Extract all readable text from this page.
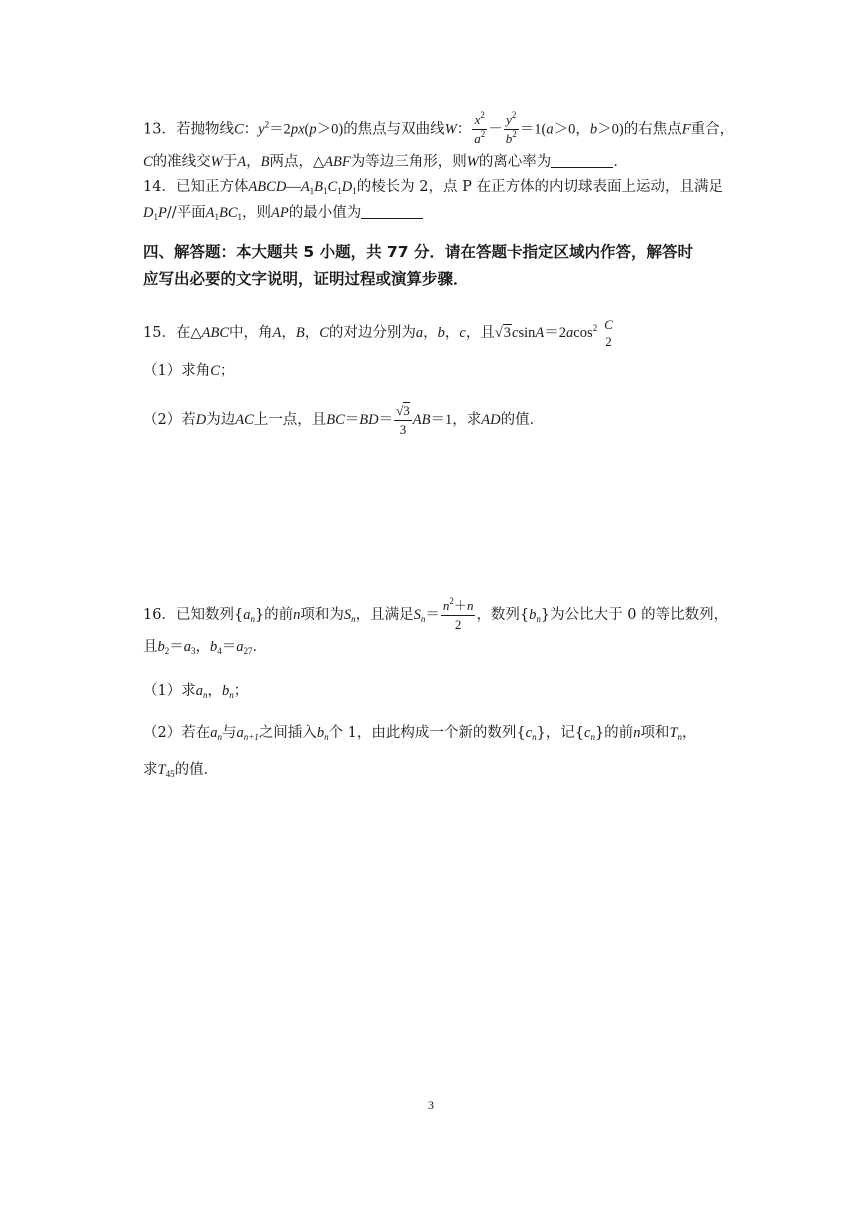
13．若抛物线C：$y^2=2px(p>0)$的焦点与双曲线W： $\frac{x^2}{a^2} - \frac{y^2}{b^2} =1(a>0$，b＞0)的右焦点F重合，
C的准线交W于A，B两点，△ABF为等边三角形，则W的离心率为	．
14．已知正方体$ABCD—A_1B_1C_1D_1$的棱长为 2，点 P 在正方体的内切球表面上运动，且满足
$D_1P//$平面$A_1BC_1$，则AP的最小值为
四、解答题：本大题共 5 小题，共 77 分．请在答题卡指定区域内作答，解答时
应写出必要的文字说明，证明过程或演算步骤．
15．在△ABC中，角A，B，C的对边分别为a，b，c，且√3csinA＝2acos$^2$ C
2
（1）求角C；
（2）若D为边AC上一点，且$BC=BD= \frac{√3}{3} AB=1$，求AD的值．
16．已知数列$\{a_n\}$的前n项和为$S_n$，且满足$S_n= \frac{n^2+n}{2}$ ，数列$\{b_n\}$为公比大于 0 的等比数列，
且$b_2=a_3$，$b_4=a_{27}$．
（1）求$a_n$，$b_n$；
（2）若在$a_n$与$a_{n+1}$之间插入$b_n$个 1，由此构成一个新的数列$\{c_n\}$，记$\{c_n\}$的前n项和$T_n$，
求$T_{45}$的值．
3
